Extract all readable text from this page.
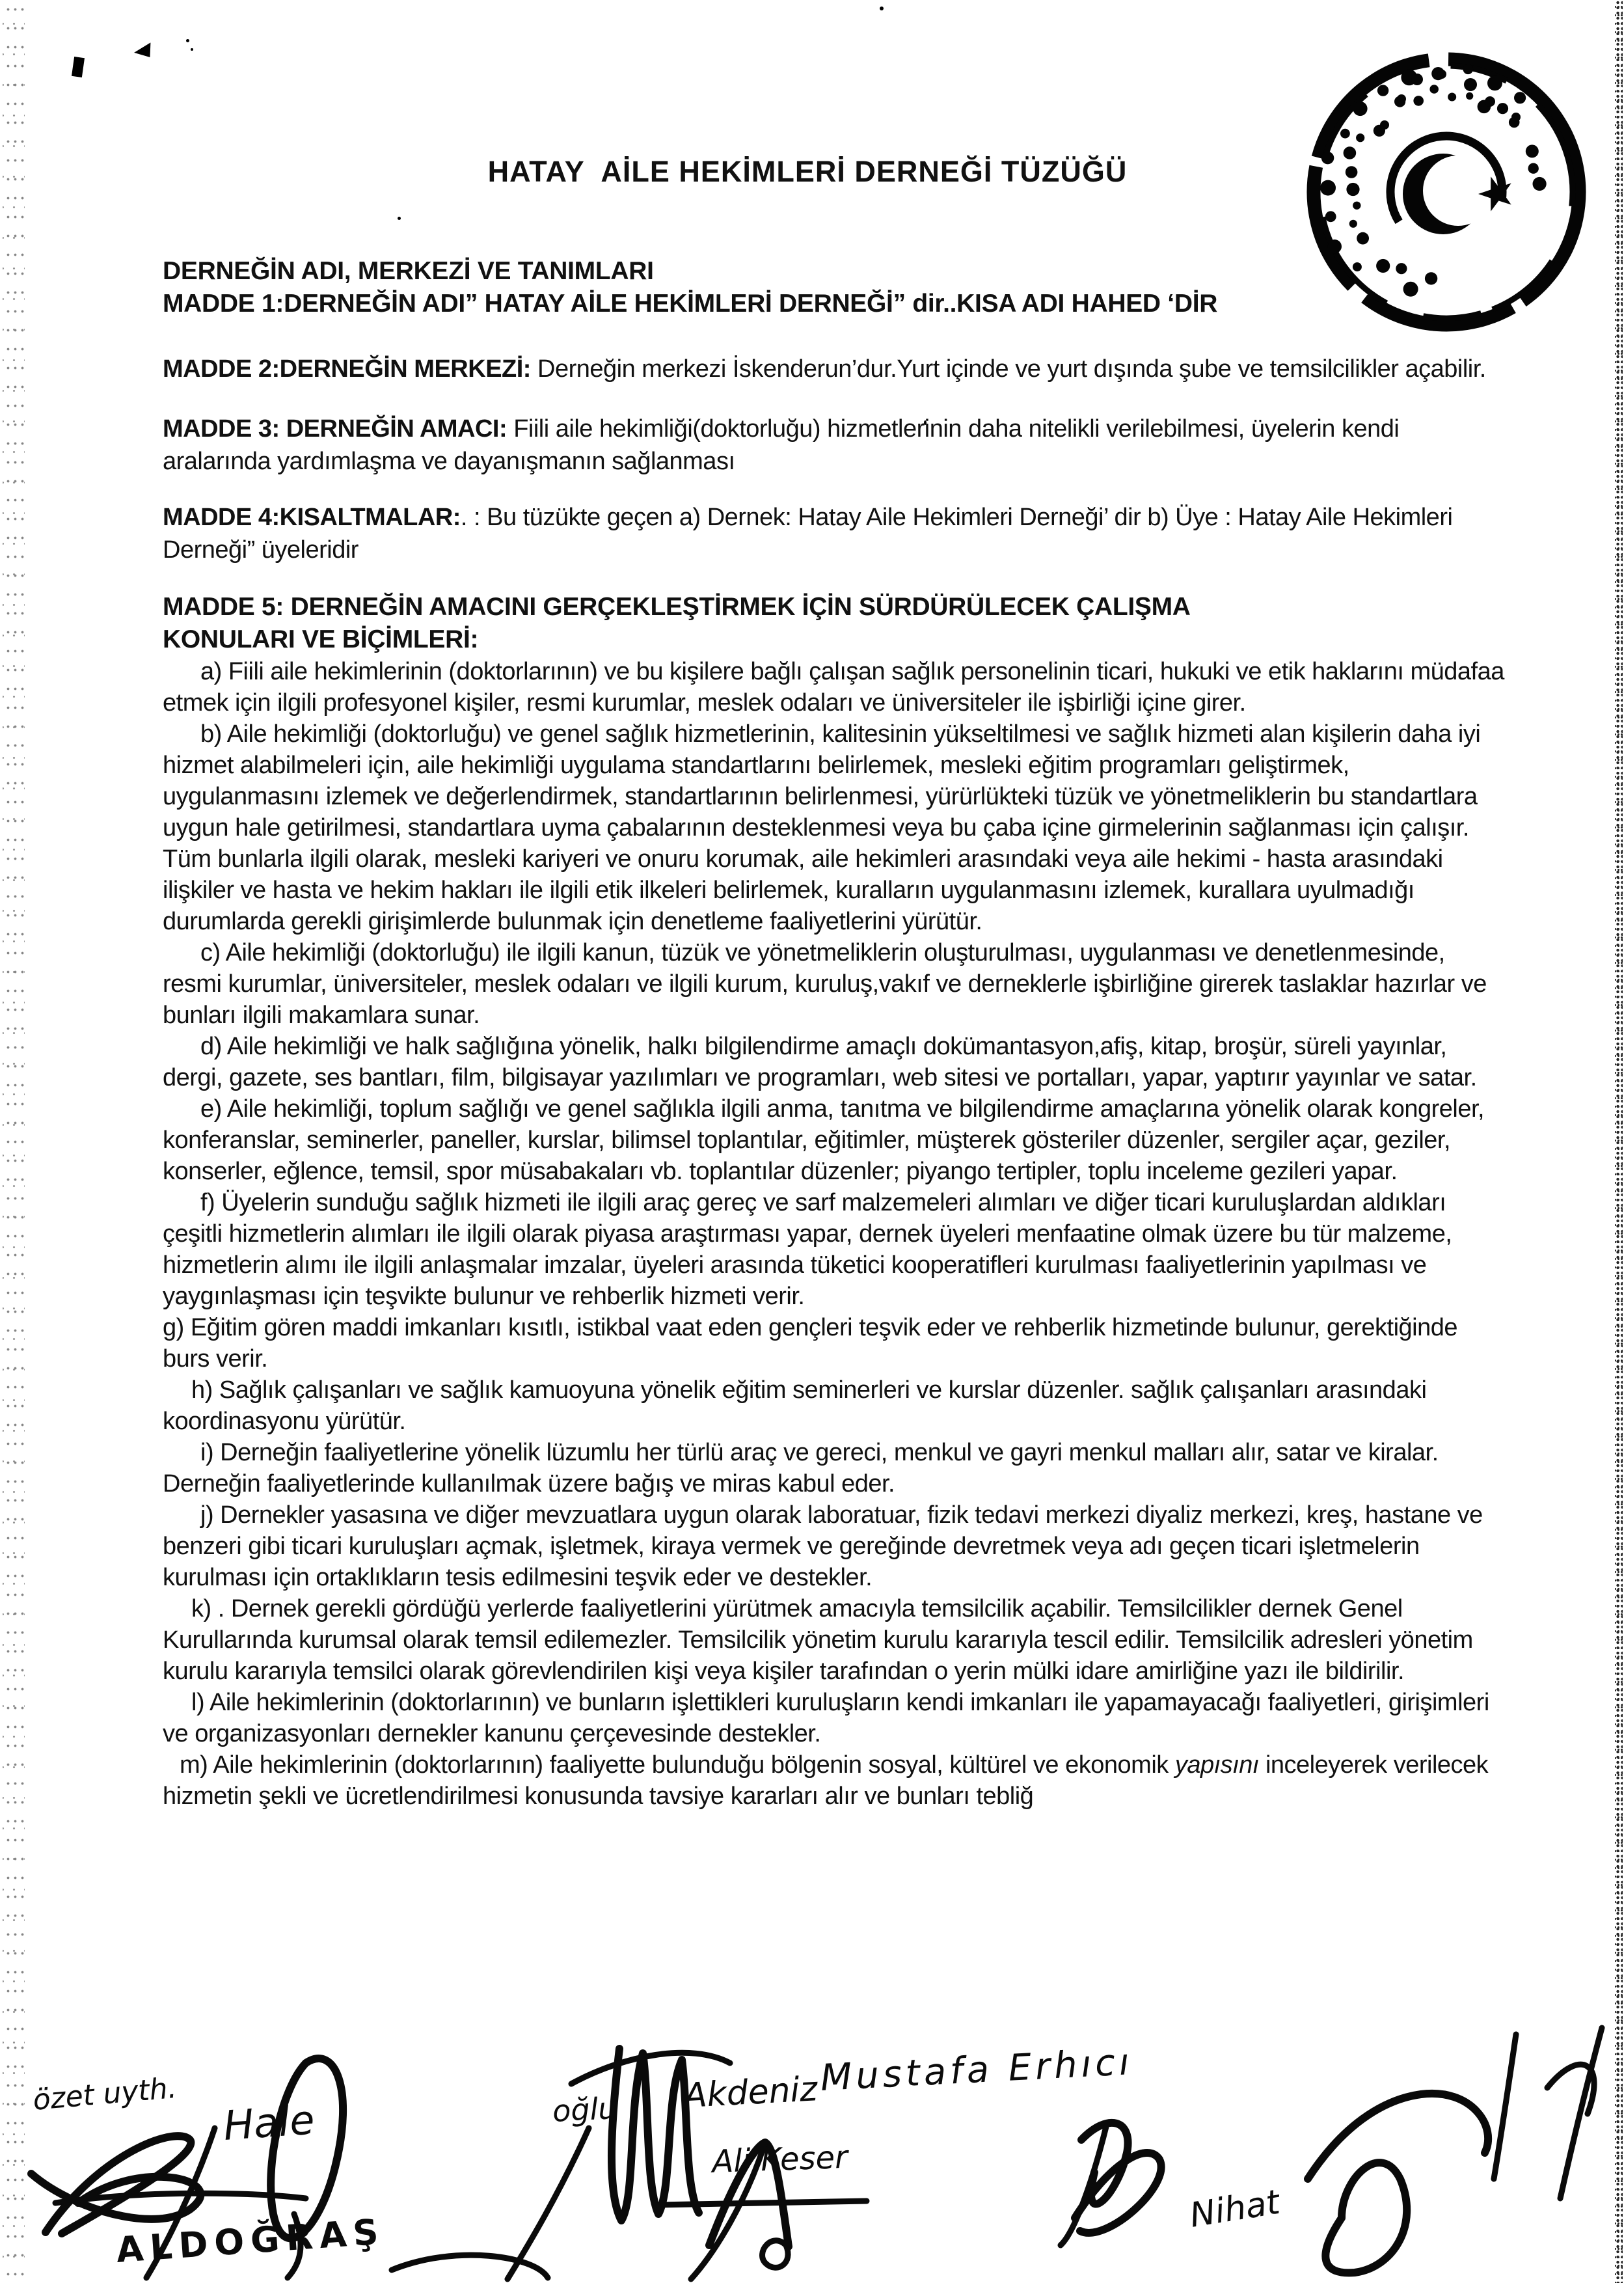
HATAY  AİLE HEKİMLERİ DERNEĞİ TÜZÜĞÜ
DERNEĞİN ADI, MERKEZİ VE TANIMLARI
MADDE 1:DERNEĞİN ADI” HATAY AİLE HEKİMLERİ DERNEĞİ” dir..KISA ADI HAHED ‘DİR

MADDE 2:DERNEĞİN MERKEZİ: Derneğin merkezi İskenderun’dur.Yurt içinde ve yurt dışında şube ve temsilcilikler açabilir.

MADDE 3: DERNEĞİN AMACI: Fiili aile hekimliği(doktorluğu) hizmetlerinin daha nitelikli verilebilmesi, üyelerin kendi aralarında yardımlaşma ve dayanışmanın sağlanması

MADDE 4:KISALTMALAR:. : Bu tüzükte geçen a) Dernek: Hatay Aile Hekimleri Derneği’ dir b) Üye : Hatay Aile Hekimleri Derneği” üyeleridir

MADDE 5: DERNEĞİN AMACINI GERÇEKLEŞTİRMEK İÇİN SÜRDÜRÜLECEK ÇALIŞMA
KONULARI VE BİÇİMLERİ:

a) Fiili aile hekimlerinin (doktorlarının) ve bu kişilere bağlı çalışan sağlık personelinin ticari, hukuki ve etik haklarını müdafaa etmek için ilgili profesyonel kişiler, resmi kurumlar, meslek odaları ve üniversiteler ile işbirliği içine girer.

b) Aile hekimliği (doktorluğu) ve genel sağlık hizmetlerinin, kalitesinin yükseltilmesi ve sağlık hizmeti alan kişilerin daha iyi hizmet alabilmeleri için, aile hekimliği uygulama standartlarını belirlemek, mesleki eğitim programları geliştirmek, uygulanmasını izlemek ve değerlendirmek, standartlarının belirlenmesi, yürürlükteki tüzük ve yönetmeliklerin bu standartlara uygun hale getirilmesi, standartlara uyma çabalarının desteklenmesi veya bu çaba içine girmelerinin sağlanması için çalışır. Tüm bunlarla ilgili olarak, mesleki kariyeri ve onuru korumak, aile hekimleri arasındaki veya aile hekimi - hasta arasındaki ilişkiler ve hasta ve hekim hakları ile ilgili etik ilkeleri belirlemek, kuralların uygulanmasını izlemek, kurallara uyulmadığı durumlarda gerekli girişimlerde bulunmak için denetleme faaliyetlerini yürütür.

c) Aile hekimliği (doktorluğu) ile ilgili kanun, tüzük ve yönetmeliklerin oluşturulması, uygulanması ve denetlenmesinde, resmi kurumlar, üniversiteler, meslek odaları ve ilgili kurum, kuruluş,vakıf ve derneklerle işbirliğine girerek taslaklar hazırlar ve bunları ilgili makamlara sunar.

d) Aile hekimliği ve halk sağlığına yönelik, halkı bilgilendirme amaçlı dokümantasyon,afiş, kitap, broşür, süreli yayınlar, dergi, gazete, ses bantları, film, bilgisayar yazılımları ve programları, web sitesi ve portalları, yapar, yaptırır yayınlar ve satar.

e) Aile hekimliği, toplum sağlığı ve genel sağlıkla ilgili anma, tanıtma ve bilgilendirme amaçlarına yönelik olarak kongreler, konferanslar, seminerler, paneller, kurslar, bilimsel toplantılar, eğitimler, müşterek gösteriler düzenler, sergiler açar, geziler, konserler, eğlence, temsil, spor müsabakaları vb. toplantılar düzenler; piyango tertipler, toplu inceleme gezileri yapar.

f) Üyelerin sunduğu sağlık hizmeti ile ilgili araç gereç ve sarf malzemeleri alımları ve diğer ticari kuruluşlardan aldıkları çeşitli hizmetlerin alımları ile ilgili olarak piyasa araştırması yapar, dernek üyeleri menfaatine olmak üzere bu tür malzeme, hizmetlerin alımı ile ilgili anlaşmalar imzalar, üyeleri arasında tüketici kooperatifleri kurulması faaliyetlerinin yapılması ve yaygınlaşması için teşvikte bulunur ve rehberlik hizmeti verir.

g) Eğitim gören maddi imkanları kısıtlı, istikbal vaat eden gençleri teşvik eder ve rehberlik hizmetinde bulunur, gerektiğinde burs verir.

h) Sağlık çalışanları ve sağlık kamuoyuna yönelik eğitim seminerleri ve kurslar düzenler. sağlık çalışanları arasındaki koordinasyonu yürütür.

i) Derneğin faaliyetlerine yönelik lüzumlu her türlü araç ve gereci, menkul ve gayri menkul malları alır, satar ve kiralar. Derneğin faaliyetlerinde kullanılmak üzere bağış ve miras kabul eder.

j) Dernekler yasasına ve diğer mevzuatlara uygun olarak laboratuar, fizik tedavi merkezi diyaliz merkezi, kreş, hastane ve benzeri gibi ticari kuruluşları açmak, işletmek, kiraya vermek ve gereğinde devretmek veya adı geçen ticari işletmelerin kurulması için ortaklıkların tesis edilmesini teşvik eder ve destekler.

k) . Dernek gerekli gördüğü yerlerde faaliyetlerini yürütmek amacıyla temsilcilik açabilir. Temsilcilikler dernek Genel Kurullarında kurumsal olarak temsil edilemezler. Temsilcilik yönetim kurulu kararıyla tescil edilir. Temsilcilik adresleri yönetim kurulu kararıyla temsilci olarak görevlendirilen kişi veya kişiler tarafından o yerin mülki idare amirliğine yazı ile bildirilir.

l) Aile hekimlerinin (doktorlarının) ve bunların işlettikleri kuruluşların kendi imkanları ile yapamayacağı faaliyetleri, girişimleri ve organizasyonları dernekler kanunu çerçevesinde destekler.

m) Aile hekimlerinin (doktorlarının) faaliyette bulunduğu bölgenin sosyal, kültürel ve ekonomik yapısını inceleyerek verilecek hizmetin şekli ve ücretlendirilmesi konusunda tavsiye kararları alır ve bunları tebliğ

özet uyth.
ALDOĞRAŞ
Hale	oğlu Akdeniz
Ali Keser
Mustafa Erhıcı
Nihat
